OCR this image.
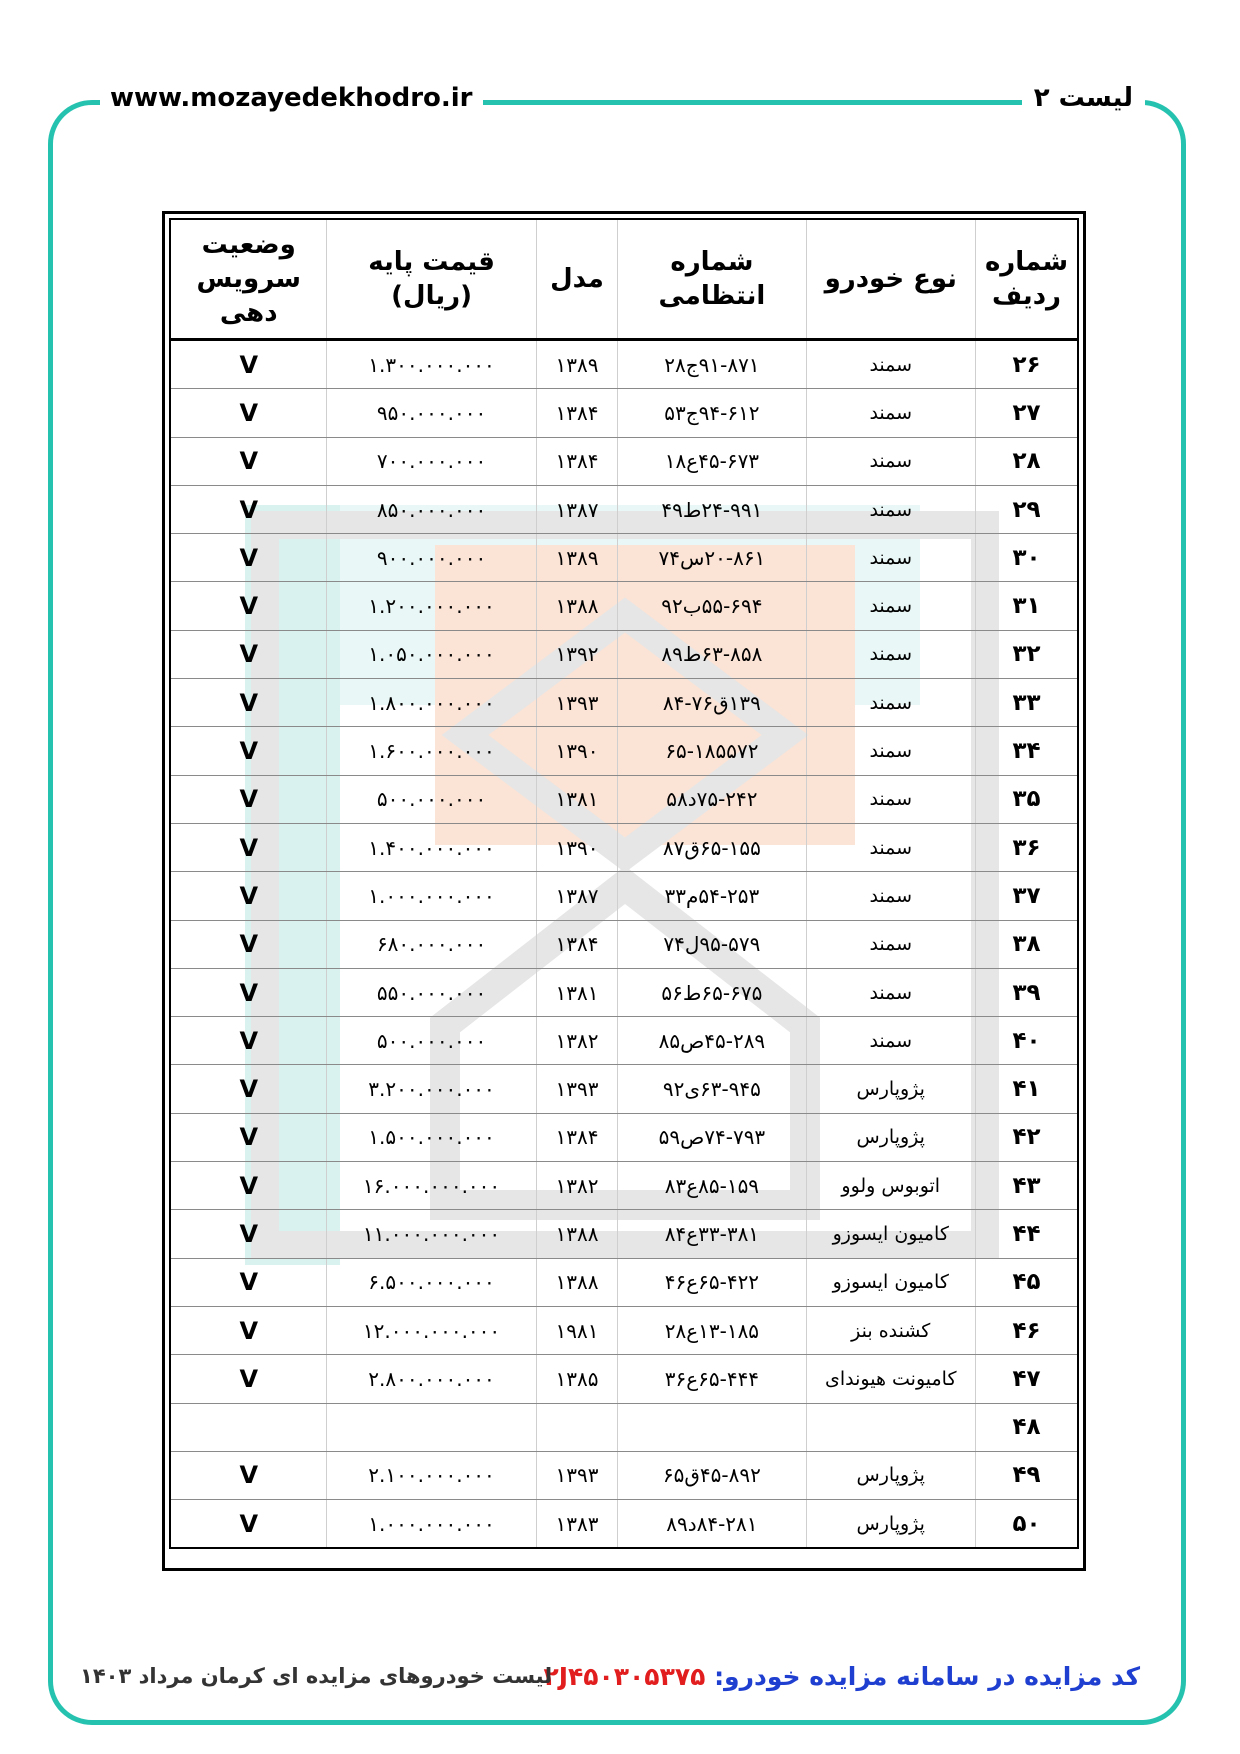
www.mozayedekhodro.ir	لیست ۲
شماره ردیف	نوع خودرو	شماره انتظامی	مدل	قیمت پایه (ریال)	وضعیت سرویس دهی
۲۶	سمند	۹۱-۸۷۱ج۲۸	۱۳۸۹	۱.۳۰۰.۰۰۰.۰۰۰	V
۲۷	سمند	۹۴-۶۱۲ج۵۳	۱۳۸۴	۹۵۰.۰۰۰.۰۰۰	V
۲۸	سمند	۴۵-۶۷۳ع۱۸	۱۳۸۴	۷۰۰.۰۰۰.۰۰۰	V
۲۹	سمند	۲۴-۹۹۱ط۴۹	۱۳۸۷	۸۵۰.۰۰۰.۰۰۰	V
۳۰	سمند	۲۰-۸۶۱س۷۴	۱۳۸۹	۹۰۰.۰۰۰.۰۰۰	V
۳۱	سمند	۵۵-۶۹۴ب۹۲	۱۳۸۸	۱.۲۰۰.۰۰۰.۰۰۰	V
۳۲	سمند	۶۳-۸۵۸ط۸۹	۱۳۹۲	۱.۰۵۰.۰۰۰.۰۰۰	V
۳۳	سمند	۱۳۹ق۷۶-۸۴	۱۳۹۳	۱.۸۰۰.۰۰۰.۰۰۰	V
۳۴	سمند	۶۵-۱۸۵۵۷۲	۱۳۹۰	۱.۶۰۰.۰۰۰.۰۰۰	V
۳۵	سمند	۷۵-۲۴۲د۵۸	۱۳۸۱	۵۰۰.۰۰۰.۰۰۰	V
۳۶	سمند	۶۵-۱۵۵ق۸۷	۱۳۹۰	۱.۴۰۰.۰۰۰.۰۰۰	V
۳۷	سمند	۵۴-۲۵۳م۳۳	۱۳۸۷	۱.۰۰۰.۰۰۰.۰۰۰	V
۳۸	سمند	۹۵-۵۷۹ل۷۴	۱۳۸۴	۶۸۰.۰۰۰.۰۰۰	V
۳۹	سمند	۶۵-۶۷۵ط۵۶	۱۳۸۱	۵۵۰.۰۰۰.۰۰۰	V
۴۰	سمند	۴۵-۲۸۹ص۸۵	۱۳۸۲	۵۰۰.۰۰۰.۰۰۰	V
۴۱	پژوپارس	۶۳-۹۴۵ی۹۲	۱۳۹۳	۳.۲۰۰.۰۰۰.۰۰۰	V
۴۲	پژوپارس	۷۴-۷۹۳ص۵۹	۱۳۸۴	۱.۵۰۰.۰۰۰.۰۰۰	V
۴۳	اتوبوس ولوو	۸۵-۱۵۹ع۸۳	۱۳۸۲	۱۶.۰۰۰.۰۰۰.۰۰۰	V
۴۴	کامیون ایسوزو	۳۳-۳۸۱ع۸۴	۱۳۸۸	۱۱.۰۰۰.۰۰۰.۰۰۰	V
۴۵	کامیون ایسوزو	۶۵-۴۲۲ع۴۶	۱۳۸۸	۶.۵۰۰.۰۰۰.۰۰۰	V
۴۶	کشنده بنز	۱۳-۱۸۵ع۲۸	۱۹۸۱	۱۲.۰۰۰.۰۰۰.۰۰۰	V
۴۷	کامیونت هیوندای	۶۵-۴۴۴ع۳۶	۱۳۸۵	۲.۸۰۰.۰۰۰.۰۰۰	V
۴۸					
۴۹	پژوپارس	۴۵-۸۹۲ق۶۵	۱۳۹۳	۲.۱۰۰.۰۰۰.۰۰۰	V
۵۰	پژوپارس	۸۴-۲۸۱د۸۹	۱۳۸۳	۱.۰۰۰.۰۰۰.۰۰۰	V
کد مزایده در سامانه مزایده خودرو: ۲J۴۵۰۳۰۵۳۷۵
لیست خودروهای مزایده ای کرمان مرداد ۱۴۰۳
